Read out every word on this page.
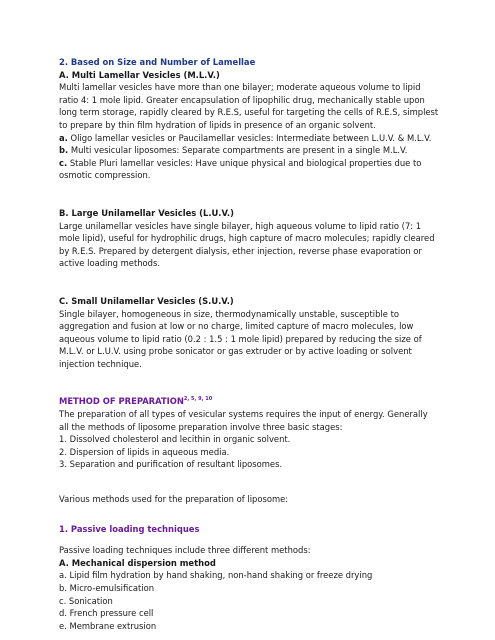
2. Based on Size and Number of Lamellae

A. Multi Lamellar Vesicles (M.L.V.)

Multi lamellar vesicles have more than one bilayer; moderate aqueous volume to lipid ratio 4: 1 mole lipid. Greater encapsulation of lipophilic drug, mechanically stable upon long term storage, rapidly cleared by R.E.S, useful for targeting the cells of R.E.S, simplest to prepare by thin film hydration of lipids in presence of an organic solvent.

a. Oligo lamellar vesicles or Paucilamellar vesicles: Intermediate between L.U.V. & M.L.V.

b. Multi vesicular liposomes: Separate compartments are present in a single M.L.V.

c. Stable Pluri lamellar vesicles: Have unique physical and biological properties due to osmotic compression.

B. Large Unilamellar Vesicles (L.U.V.)

Large unilamellar vesicles have single bilayer, high aqueous volume to lipid ratio (7: 1 mole lipid), useful for hydrophilic drugs, high capture of macro molecules; rapidly cleared by R.E.S. Prepared by detergent dialysis, ether injection, reverse phase evaporation or active loading methods.

C. Small Unilamellar Vesicles (S.U.V.)

Single bilayer, homogeneous in size, thermodynamically unstable, susceptible to aggregation and fusion at low or no charge, limited capture of macro molecules, low aqueous volume to lipid ratio (0.2 : 1.5 : 1 mole lipid) prepared by reducing the size of M.L.V. or L.U.V. using probe sonicator or gas extruder or by active loading or solvent injection technique.

METHOD OF PREPARATION$^{2, 5, 9, 10}$

The preparation of all types of vesicular systems requires the input of energy. Generally all the methods of liposome preparation involve three basic stages:

1. Dissolved cholesterol and lecithin in organic solvent.

2. Dispersion of lipids in aqueous media.

3. Separation and purification of resultant liposomes.

Various methods used for the preparation of liposome:

1. Passive loading techniques

Passive loading techniques include three different methods:

A. Mechanical dispersion method

a. Lipid film hydration by hand shaking, non-hand shaking or freeze drying

b. Micro-emulsification

c. Sonication

d. French pressure cell

e. Membrane extrusion
